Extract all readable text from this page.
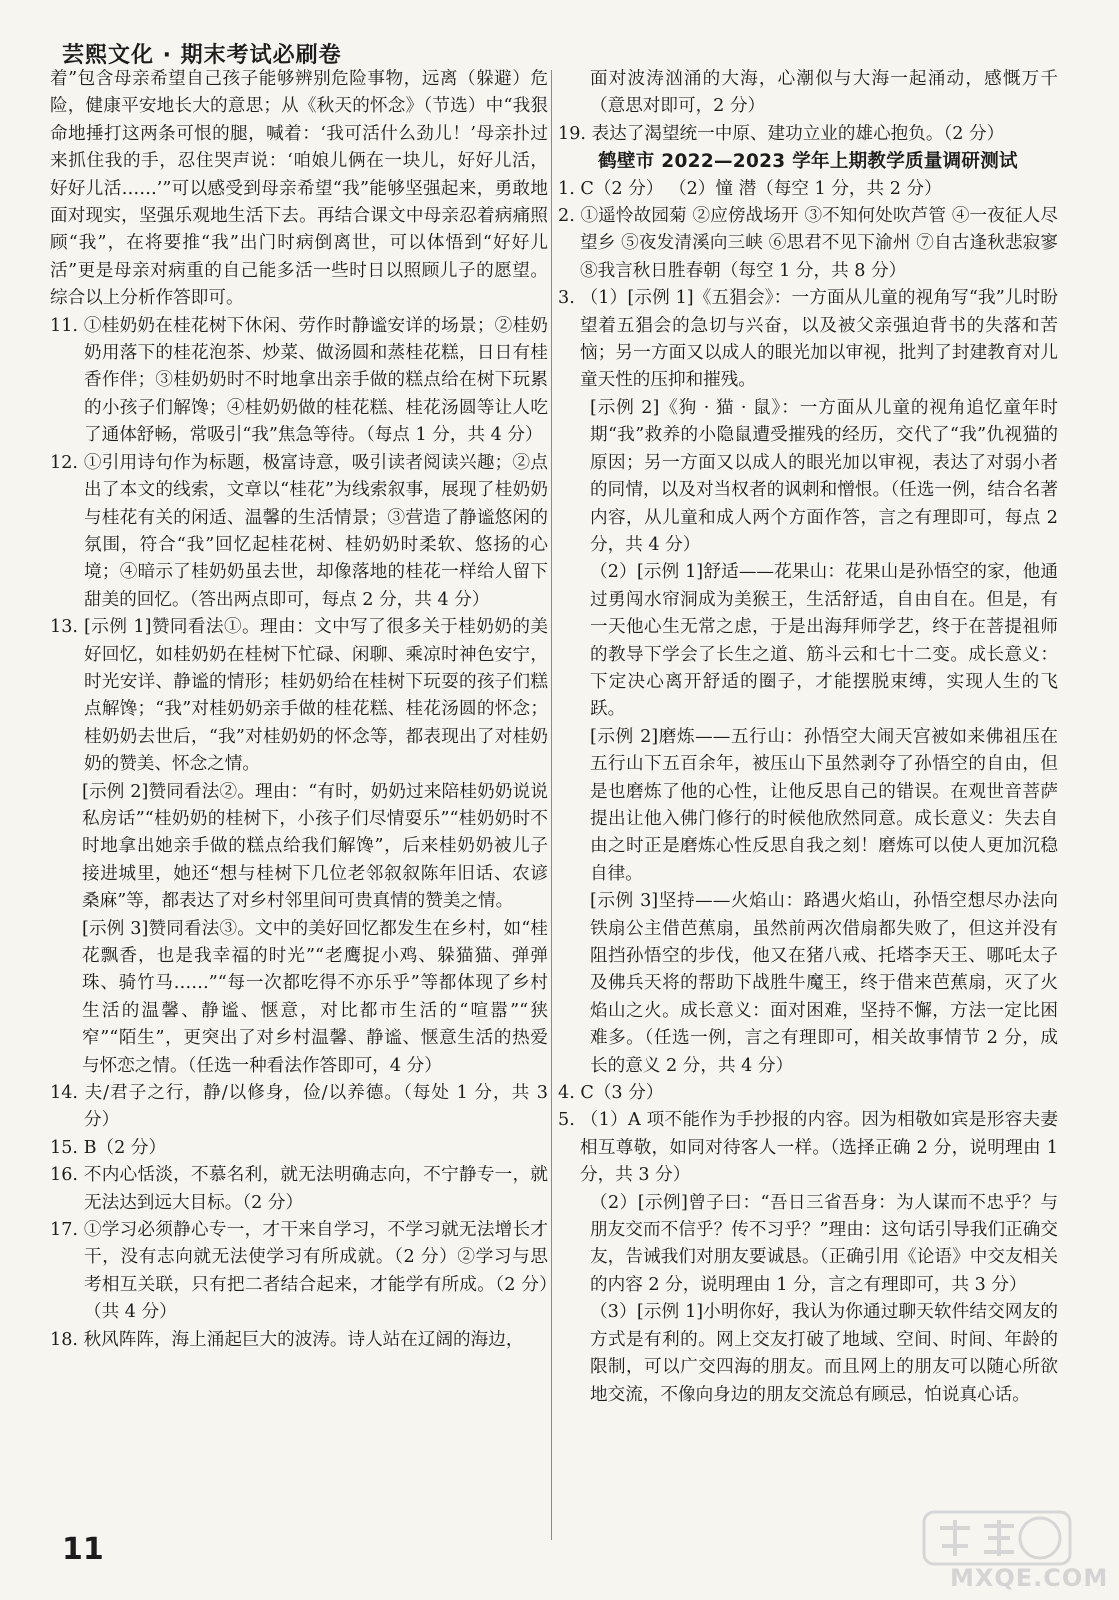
芸熙文化 · 期末考试必刷卷

着”包含母亲希望自己孩子能够辨别危险事物，远离（躲避）危险，健康平安地长大的意思；从《秋天的怀念》（节选）中“我狠命地捶打这两条可恨的腿，喊着：‘我可活什么劲儿！’母亲扑过来抓住我的手，忍住哭声说：‘咱娘儿俩在一块儿，好好儿活，好好儿活……’”可以感受到母亲希望“我”能够坚强起来，勇敢地面对现实，坚强乐观地生活下去。再结合课文中母亲忍着病痛照顾“我”，在将要推“我”出门时病倒离世，可以体悟到“好好儿活”更是母亲对病重的自己能多活一些时日以照顾儿子的愿望。综合以上分析作答即可。

11. ①桂奶奶在桂花树下休闲、劳作时静谧安详的场景；②桂奶奶用落下的桂花泡茶、炒菜、做汤圆和蒸桂花糕，日日有桂香作伴；③桂奶奶时不时地拿出亲手做的糕点给在树下玩累的小孩子们解馋；④桂奶奶做的桂花糕、桂花汤圆等让人吃了通体舒畅，常吸引“我”焦急等待。（每点 1 分，共 4 分）

12. ①引用诗句作为标题，极富诗意，吸引读者阅读兴趣；②点出了本文的线索，文章以“桂花”为线索叙事，展现了桂奶奶与桂花有关的闲适、温馨的生活情景；③营造了静谧悠闲的氛围，符合“我”回忆起桂花树、桂奶奶时柔软、悠扬的心境；④暗示了桂奶奶虽去世，却像落地的桂花一样给人留下甜美的回忆。（答出两点即可，每点 2 分，共 4 分）

13. [示例 1]赞同看法①。理由：文中写了很多关于桂奶奶的美好回忆，如桂奶奶在桂树下忙碌、闲聊、乘凉时神色安宁，时光安详、静谧的情形；桂奶奶给在桂树下玩耍的孩子们糕点解馋；“我”对桂奶奶亲手做的桂花糕、桂花汤圆的怀念；桂奶奶去世后，“我”对桂奶奶的怀念等，都表现出了对桂奶奶的赞美、怀念之情。

[示例 2]赞同看法②。理由：“有时，奶奶过来陪桂奶奶说说私房话”“桂奶奶的桂树下，小孩子们尽情耍乐”“桂奶奶时不时地拿出她亲手做的糕点给我们解馋”，后来桂奶奶被儿子接进城里，她还“想与桂树下几位老邻叙叙陈年旧话、农谚桑麻”等，都表达了对乡村邻里间可贵真情的赞美之情。

[示例 3]赞同看法③。文中的美好回忆都发生在乡村，如“桂花飘香，也是我幸福的时光”“老鹰捉小鸡、躲猫猫、弹弹珠、骑竹马……”“每一次都吃得不亦乐乎”等都体现了乡村生活的温馨、静谧、惬意，对比都市生活的“喧嚣”“狭窄”“陌生”，更突出了对乡村温馨、静谧、惬意生活的热爱与怀恋之情。（任选一种看法作答即可，4 分）

14. 夫/君子之行，静/以修身，俭/以养德。（每处 1 分，共 3 分）

15. B（2 分）

16. 不内心恬淡，不慕名利，就无法明确志向，不宁静专一，就无法达到远大目标。（2 分）

17. ①学习必须静心专一，才干来自学习，不学习就无法增长才干，没有志向就无法使学习有所成就。（2 分）②学习与思考相互关联，只有把二者结合起来，才能学有所成。（2 分）（共 4 分）

18. 秋风阵阵，海上涌起巨大的波涛。诗人站在辽阔的海边，

面对波涛汹涌的大海，心潮似与大海一起涌动，感慨万千（意思对即可，2 分）

19. 表达了渴望统一中原、建功立业的雄心抱负。（2 分）

鹤壁市 2022—2023 学年上期教学质量调研测试

1. C（2 分） （2）憧 潜（每空 1 分，共 2 分）

2. ①遥怜故园菊 ②应傍战场开 ③不知何处吹芦管 ④一夜征人尽望乡 ⑤夜发清溪向三峡 ⑥思君不见下渝州 ⑦自古逢秋悲寂寥 ⑧我言秋日胜春朝（每空 1 分，共 8 分）

3. （1）[示例 1]《五猖会》：一方面从儿童的视角写“我”儿时盼望着五猖会的急切与兴奋，以及被父亲强迫背书的失落和苦恼；另一方面又以成人的眼光加以审视，批判了封建教育对儿童天性的压抑和摧残。

[示例 2]《狗 · 猫 · 鼠》：一方面从儿童的视角追忆童年时期“我”救养的小隐鼠遭受摧残的经历，交代了“我”仇视猫的原因；另一方面又以成人的眼光加以审视，表达了对弱小者的同情，以及对当权者的讽刺和憎恨。（任选一例，结合名著内容，从儿童和成人两个方面作答，言之有理即可，每点 2 分，共 4 分）

（2）[示例 1]舒适——花果山：花果山是孙悟空的家，他通过勇闯水帘洞成为美猴王，生活舒适，自由自在。但是，有一天他心生无常之虑，于是出海拜师学艺，终于在菩提祖师的教导下学会了长生之道、筋斗云和七十二变。成长意义：下定决心离开舒适的圈子，才能摆脱束缚，实现人生的飞跃。

[示例 2]磨炼——五行山：孙悟空大闹天宫被如来佛祖压在五行山下五百余年，被压山下虽然剥夺了孙悟空的自由，但是也磨炼了他的心性，让他反思自己的错误。在观世音菩萨提出让他入佛门修行的时候他欣然同意。成长意义：失去自由之时正是磨炼心性反思自我之刻！磨炼可以使人更加沉稳自律。

[示例 3]坚持——火焰山：路遇火焰山，孙悟空想尽办法向铁扇公主借芭蕉扇，虽然前两次借扇都失败了，但这并没有阻挡孙悟空的步伐，他又在猪八戒、托塔李天王、哪吒太子及佛兵天将的帮助下战胜牛魔王，终于借来芭蕉扇，灭了火焰山之火。成长意义：面对困难，坚持不懈，方法一定比困难多。（任选一例，言之有理即可，相关故事情节 2 分，成长的意义 2 分，共 4 分）

4. C（3 分）

5. （1）A 项不能作为手抄报的内容。因为相敬如宾是形容夫妻相互尊敬，如同对待客人一样。（选择正确 2 分，说明理由 1 分，共 3 分）

（2）[示例]曾子曰：“吾日三省吾身：为人谋而不忠乎？与朋友交而不信乎？传不习乎？”理由：这句话引导我们正确交友，告诫我们对朋友要诚恳。（正确引用《论语》中交友相关的内容 2 分，说明理由 1 分，言之有理即可，共 3 分）

（3）[示例 1]小明你好，我认为你通过聊天软件结交网友的方式是有利的。网上交友打破了地域、空间、时间、年龄的限制，可以广交四海的朋友。而且网上的朋友可以随心所欲地交流，不像向身边的朋友交流总有顾忌，怕说真心话。

11
MXQE.COM
